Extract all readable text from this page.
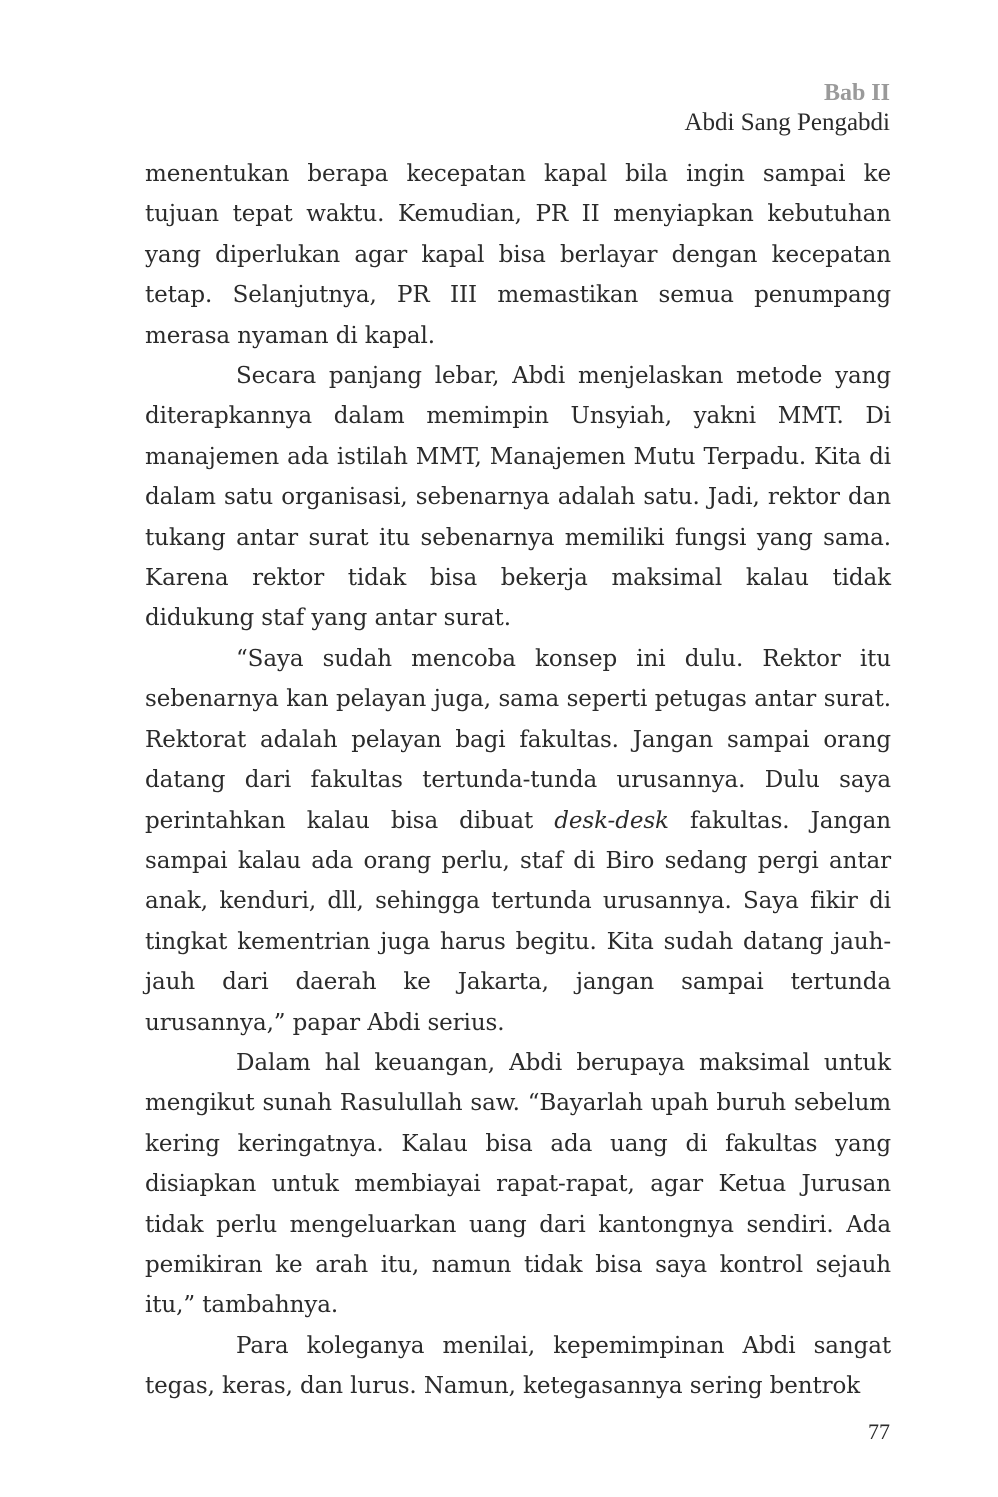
Bab II
Abdi Sang Pengabdi

menentukan berapa kecepatan kapal bila ingin sampai ke tujuan tepat waktu. Kemudian, PR II menyiapkan kebutuhan yang diperlukan agar kapal bisa berlayar dengan kecepatan tetap. Selanjutnya, PR III memastikan semua penumpang merasa nyaman di kapal.

Secara panjang lebar, Abdi menjelaskan metode yang diterapkannya dalam memimpin Unsyiah, yakni MMT. Di manajemen ada istilah MMT, Manajemen Mutu Terpadu. Kita di dalam satu organisasi, sebenarnya adalah satu. Jadi, rektor dan tukang antar surat itu sebenarnya memiliki fungsi yang sama. Karena rektor tidak bisa bekerja maksimal kalau tidak didukung staf yang antar surat.

“Saya sudah mencoba konsep ini dulu. Rektor itu sebenarnya kan pelayan juga, sama seperti petugas antar surat. Rektorat adalah pelayan bagi fakultas. Jangan sampai orang datang dari fakultas tertunda-tunda urusannya. Dulu saya perintahkan kalau bisa dibuat desk-desk fakultas. Jangan sampai kalau ada orang perlu, staf di Biro sedang pergi antar anak, kenduri, dll, sehingga tertunda urusannya. Saya fikir di tingkat kementrian juga harus begitu. Kita sudah datang jauh-jauh dari daerah ke Jakarta, jangan sampai tertunda urusannya,” papar Abdi serius.

Dalam hal keuangan, Abdi berupaya maksimal untuk mengikut sunah Rasulullah saw. “Bayarlah upah buruh sebelum kering keringatnya. Kalau bisa ada uang di fakultas yang disiapkan untuk membiayai rapat-rapat, agar Ketua Jurusan tidak perlu mengeluarkan uang dari kantongnya sendiri. Ada pemikiran ke arah itu, namun tidak bisa saya kontrol sejauh itu,” tambahnya.

Para koleganya menilai, kepemimpinan Abdi sangat tegas, keras, dan lurus. Namun, ketegasannya sering bentrok

77
